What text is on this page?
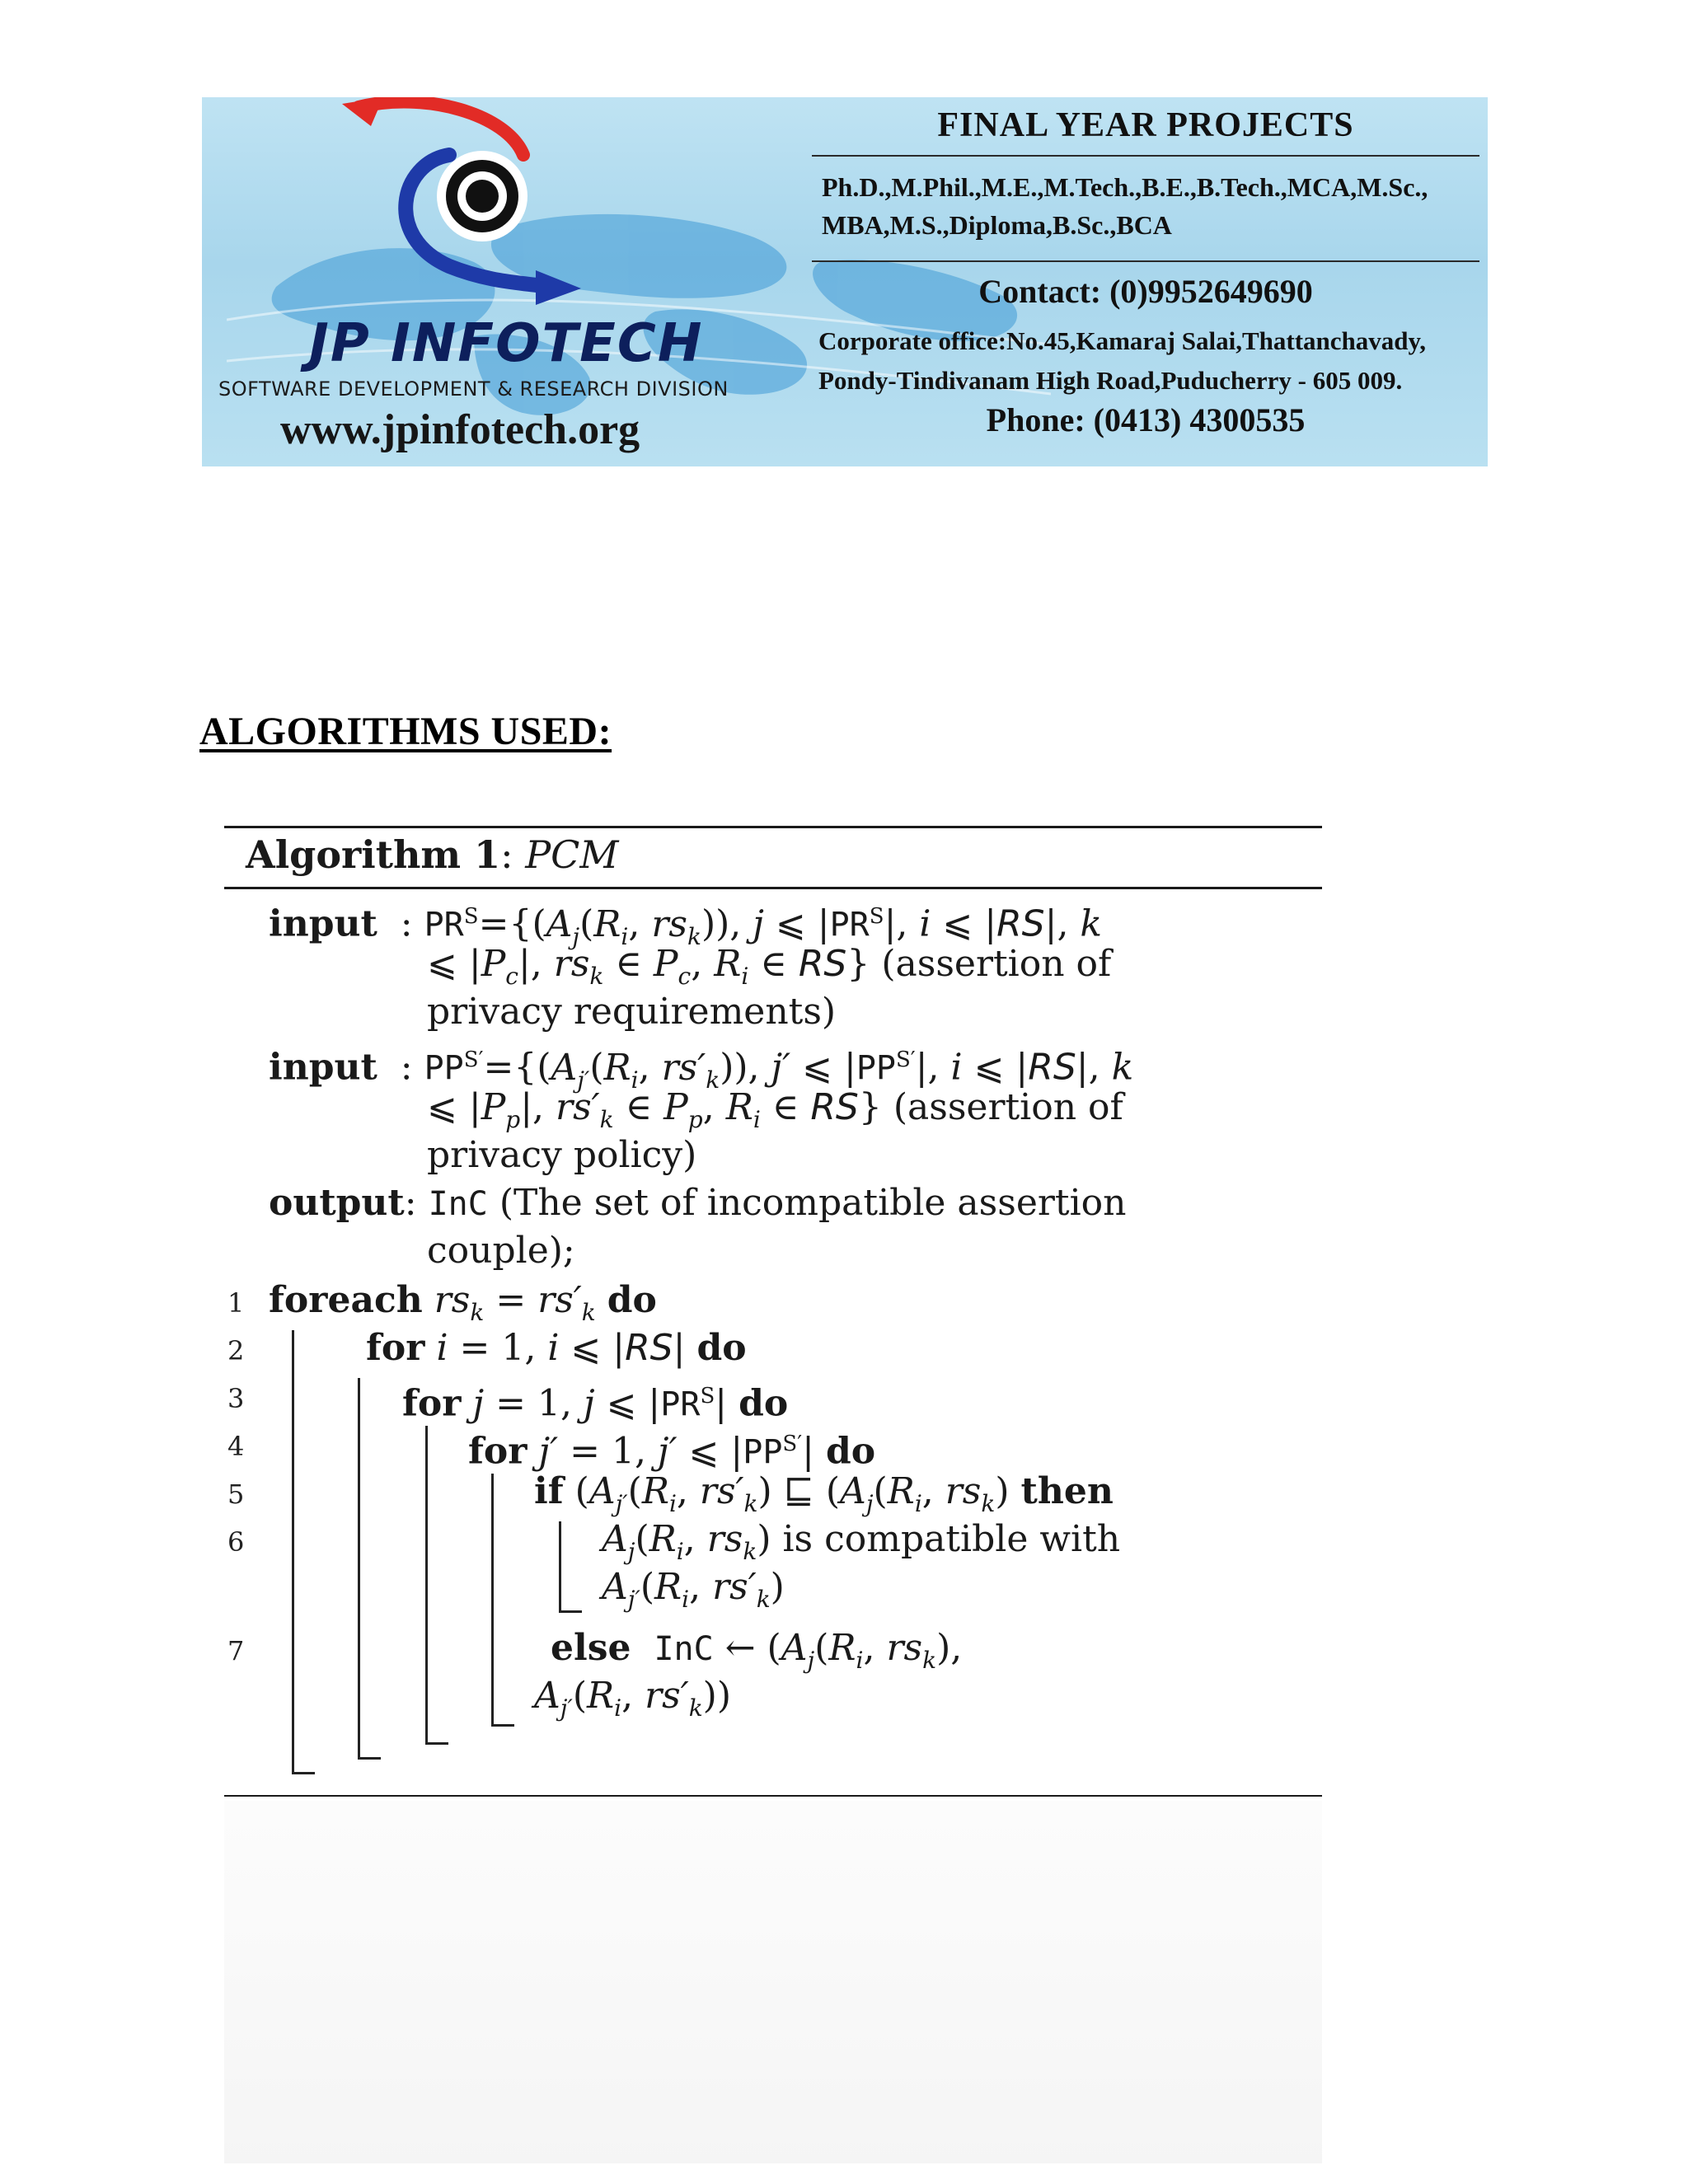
JP INFOTECH
SOFTWARE DEVELOPMENT & RESEARCH DIVISION
www.jpinfotech.org
FINAL YEAR PROJECTS
Ph.D.,M.Phil.,M.E.,M.Tech.,B.E.,B.Tech.,MCA,M.Sc.,
MBA,M.S.,Diploma,B.Sc.,BCA
Contact: (0)9952649690
Corporate office:No.45,Kamaraj Salai,Thattanchavady,
Pondy-Tindivanam High Road,Puducherry - 605 009.
Phone: (0413) 4300535
ALGORITHMS USED:
Algorithm 1: PCM
input  : $PR^S=\{(A_j(R_i$, $rs_k$)), j ⩽ $|PR^S|$, i ⩽ |RS|, k
⩽ $|P_c|$, $rs_k$ ∈ $P_c$, $R_i$ ∈ RS} (assertion of
privacy requirements)
input  : $PP^{S'}=\{(A_{j'}(R_i$, $rs'_k$)), j′ ⩽ $|PP^{S'}|$, i ⩽ |RS|, k
⩽ $|P_p|$, $rs'_k$ ∈ $P_p$, $R_i$ ∈ RS} (assertion of
privacy policy)
output: InC (The set of incompatible assertion
couple);
1
2
3
4
5
6
7
foreach $rs_k = rs'_k$ do
for i = 1, i ⩽ |RS| do
for j = 1, j ⩽ $|PR^S|$ do
for j′ = 1, j′ ⩽ $|PP^{S'}|$ do
if ($A_{j'}(R_i$, $rs'_k$) ⊑ ($A_j(R_i$, $rs_k$) then
$A_j(R_i$, $rs_k$) is compatible with
$A_{j'}(R_i$, $rs'_k$)
else InC ← ($A_j(R_i$, $rs_k$),
$A_{j'}(R_i$, $rs'_k$))
